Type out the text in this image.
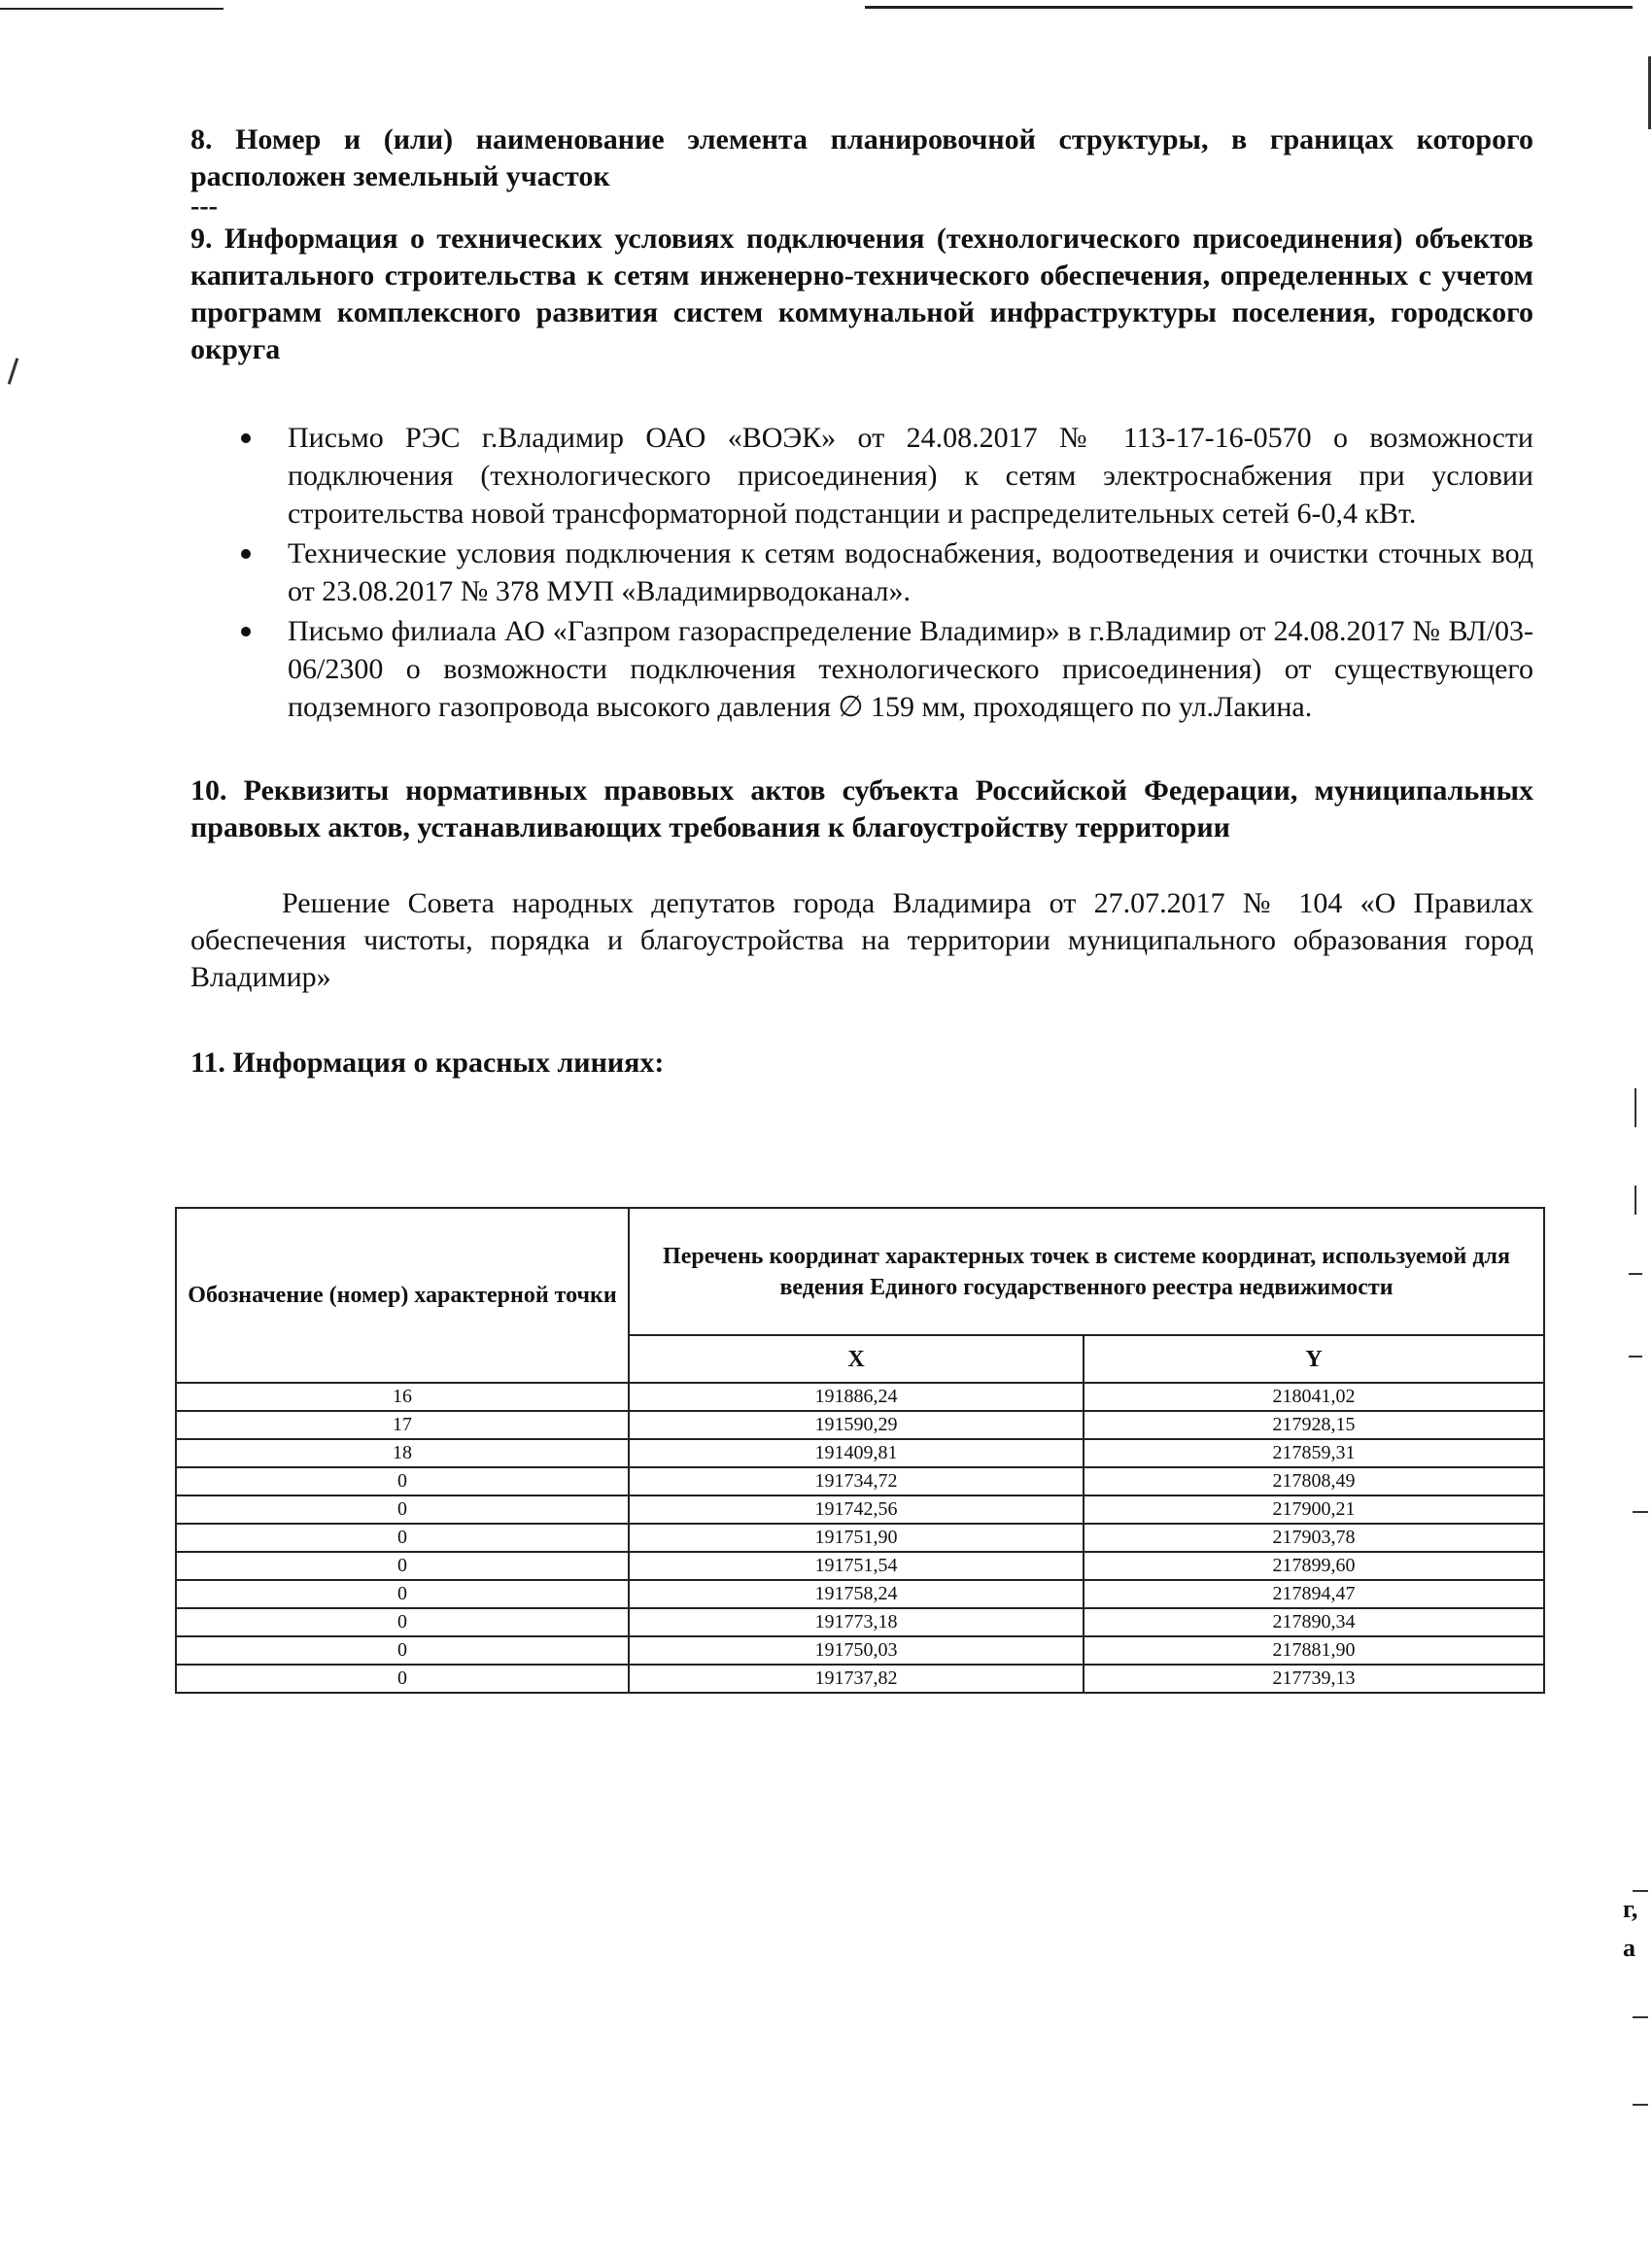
г,
а

8. Номер и (или) наименование элемента планировочной структуры, в границах которого расположен земельный участок

---

9. Информация о технических условиях подключения (технологического присоединения) объектов капитального строительства к сетям инженерно-технического обеспечения, определенных с учетом программ комплексного развития систем коммунальной инфраструктуры поселения, городского округа

Письмо РЭС г.Владимир ОАО «ВОЭК» от 24.08.2017 № 113-17-16-0570 о возможности подключения (технологического присоединения) к сетям электроснабжения при условии строительства новой трансформаторной подстанции и распределительных сетей 6-0,4 кВт.
Технические условия подключения к сетям водоснабжения, водоотведения и очистки сточных вод от 23.08.2017 № 378 МУП «Владимирводоканал».
Письмо филиала АО «Газпром газораспределение Владимир» в г.Владимир от 24.08.2017 № ВЛ/03-06/2300 о возможности подключения технологического присоединения) от существующего подземного газопровода высокого давления ∅ 159 мм, проходящего по ул.Лакина.

10. Реквизиты нормативных правовых актов субъекта Российской Федерации, муниципальных правовых актов, устанавливающих требования к благоустройству территории

Решение Совета народных депутатов города Владимира от 27.07.2017 № 104 «О Правилах обеспечения чистоты, порядка и благоустройства на территории муниципального образования город Владимир»

11. Информация о красных линиях:

Обозначение (номер) характерной точки	Перечень координат характерных точек в системе координат, используемой для ведения Единого государственного реестра недвижимости	
	X	Y
16	191886,24	218041,02
17	191590,29	217928,15
18	191409,81	217859,31
0	191734,72	217808,49
0	191742,56	217900,21
0	191751,90	217903,78
0	191751,54	217899,60
0	191758,24	217894,47
0	191773,18	217890,34
0	191750,03	217881,90
0	191737,82	217739,13
